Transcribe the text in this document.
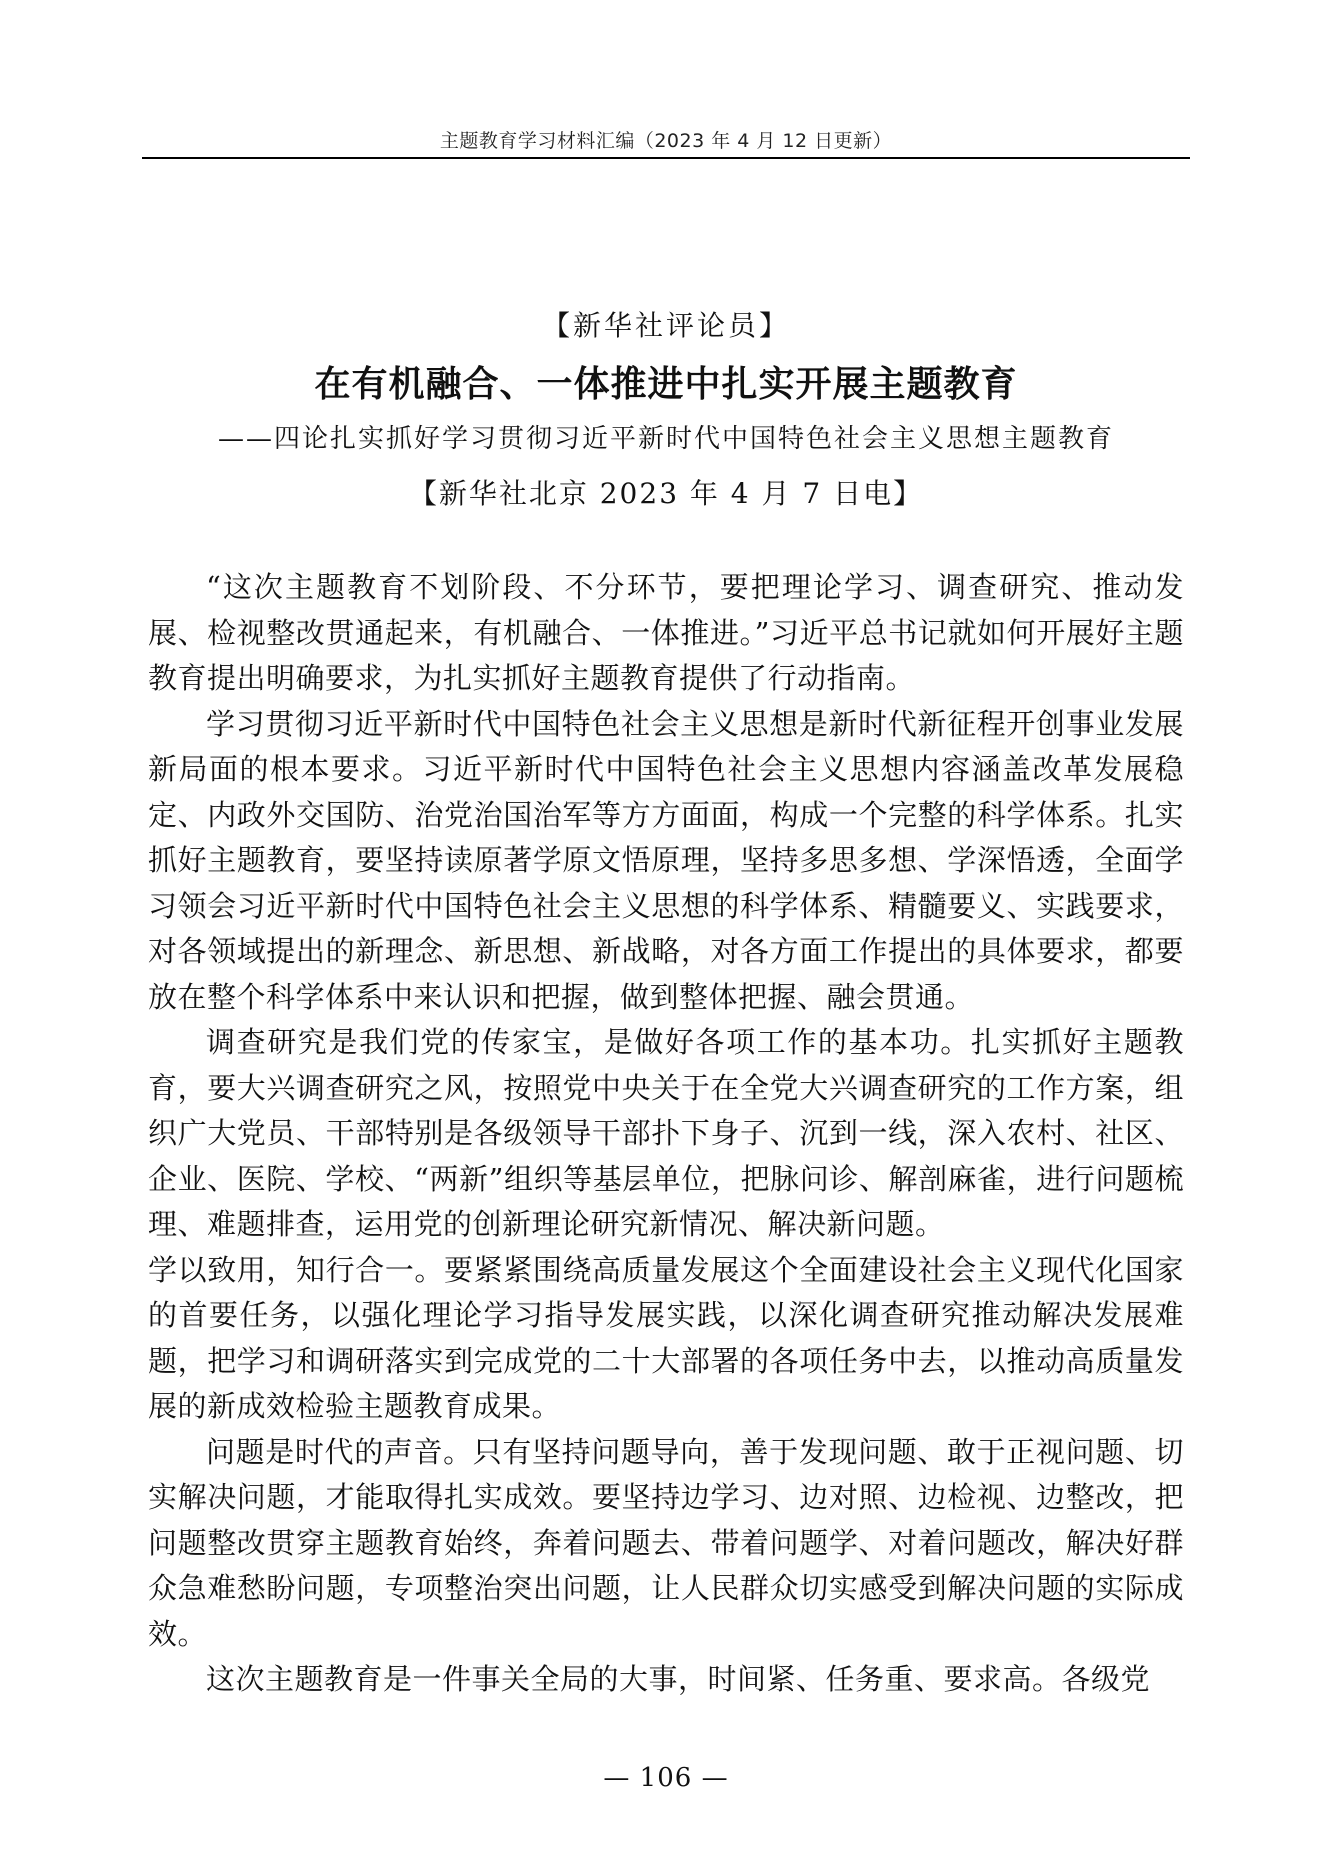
主题教育学习材料汇编（2023 年 4 月 12 日更新）
【新华社评论员】
在有机融合、一体推进中扎实开展主题教育
——四论扎实抓好学习贯彻习近平新时代中国特色社会主义思想主题教育
【新华社北京 2023 年 4 月 7 日电】

“这次主题教育不划阶段、不分环节，要把理论学习、调查研究、推动发展、检视整改贯通起来，有机融合、一体推进。”习近平总书记就如何开展好主题教育提出明确要求，为扎实抓好主题教育提供了行动指南。

学习贯彻习近平新时代中国特色社会主义思想是新时代新征程开创事业发展新局面的根本要求。习近平新时代中国特色社会主义思想内容涵盖改革发展稳定、内政外交国防、治党治国治军等方方面面，构成一个完整的科学体系。扎实抓好主题教育，要坚持读原著学原文悟原理，坚持多思多想、学深悟透，全面学习领会习近平新时代中国特色社会主义思想的科学体系、精髓要义、实践要求，对各领域提出的新理念、新思想、新战略，对各方面工作提出的具体要求，都要放在整个科学体系中来认识和把握，做到整体把握、融会贯通。

调查研究是我们党的传家宝，是做好各项工作的基本功。扎实抓好主题教育，要大兴调查研究之风，按照党中央关于在全党大兴调查研究的工作方案，组织广大党员、干部特别是各级领导干部扑下身子、沉到一线，深入农村、社区、企业、医院、学校、“两新”组织等基层单位，把脉问诊、解剖麻雀，进行问题梳理、难题排查，运用党的创新理论研究新情况、解决新问题。

学以致用，知行合一。要紧紧围绕高质量发展这个全面建设社会主义现代化国家的首要任务，以强化理论学习指导发展实践，以深化调查研究推动解决发展难题，把学习和调研落实到完成党的二十大部署的各项任务中去，以推动高质量发展的新成效检验主题教育成果。

问题是时代的声音。只有坚持问题导向，善于发现问题、敢于正视问题、切实解决问题，才能取得扎实成效。要坚持边学习、边对照、边检视、边整改，把问题整改贯穿主题教育始终，奔着问题去、带着问题学、对着问题改，解决好群众急难愁盼问题，专项整治突出问题，让人民群众切实感受到解决问题的实际成效。

这次主题教育是一件事关全局的大事，时间紧、任务重、要求高。各级党

— 106 —
